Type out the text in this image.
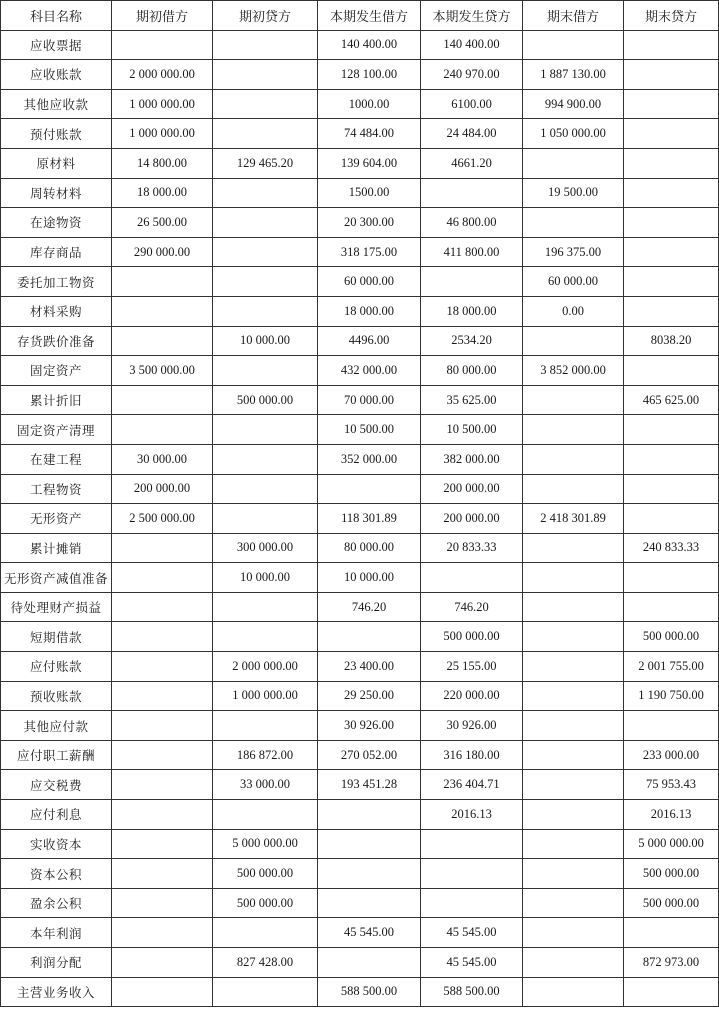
科目名称	期初借方	期初贷方	本期发生借方	本期发生贷方	期末借方	期末贷方
应收票据			140 400.00	140 400.00		
应收账款	2 000 000.00		128 100.00	240 970.00	1 887 130.00	
其他应收款	1 000 000.00		1000.00	6100.00	994 900.00	
预付账款	1 000 000.00		74 484.00	24 484.00	1 050 000.00	
原材料	14 800.00	129 465.20	139 604.00	4661.20		
周转材料	18 000.00		1500.00		19 500.00	
在途物资	26 500.00		20 300.00	46 800.00		
库存商品	290 000.00		318 175.00	411 800.00	196 375.00	
委托加工物资			60 000.00		60 000.00	
材料采购			18 000.00	18 000.00	0.00	
存货跌价准备		10 000.00	4496.00	2534.20		8038.20
固定资产	3 500 000.00		432 000.00	80 000.00	3 852 000.00	
累计折旧		500 000.00	70 000.00	35 625.00		465 625.00
固定资产清理			10 500.00	10 500.00		
在建工程	30 000.00		352 000.00	382 000.00		
工程物资	200 000.00			200 000.00		
无形资产	2 500 000.00		118 301.89	200 000.00	2 418 301.89	
累计摊销		300 000.00	80 000.00	20 833.33		240 833.33
无形资产减值准备		10 000.00	10 000.00			
待处理财产损益			746.20	746.20		
短期借款				500 000.00		500 000.00
应付账款		2 000 000.00	23 400.00	25 155.00		2 001 755.00
预收账款		1 000 000.00	29 250.00	220 000.00		1 190 750.00
其他应付款			30 926.00	30 926.00		
应付职工薪酬		186 872.00	270 052.00	316 180.00		233 000.00
应交税费		33 000.00	193 451.28	236 404.71		75 953.43
应付利息				2016.13		2016.13
实收资本		5 000 000.00				5 000 000.00
资本公积		500 000.00				500 000.00
盈余公积		500 000.00				500 000.00
本年利润			45 545.00	45 545.00		
利润分配		827 428.00		45 545.00		872 973.00
主营业务收入			588 500.00	588 500.00		
